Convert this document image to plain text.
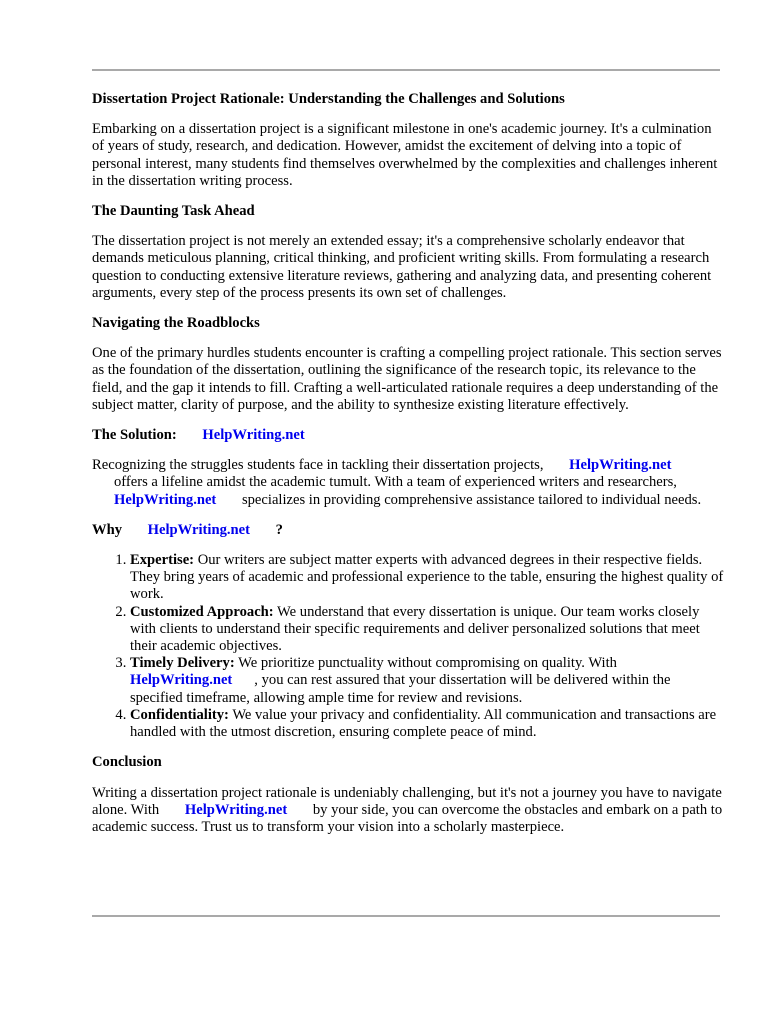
Dissertation Project Rationale: Understanding the Challenges and Solutions

Embarking on a dissertation project is a significant milestone in one's academic journey. It's a culmination of years of study, research, and dedication. However, amidst the excitement of delving into a topic of personal interest, many students find themselves overwhelmed by the complexities and challenges inherent in the dissertation writing process.

The Daunting Task Ahead

The dissertation project is not merely an extended essay; it's a comprehensive scholarly endeavor that demands meticulous planning, critical thinking, and proficient writing skills. From formulating a research question to conducting extensive literature reviews, gathering and analyzing data, and presenting coherent arguments, every step of the process presents its own set of challenges.

Navigating the Roadblocks

One of the primary hurdles students encounter is crafting a compelling project rationale. This section serves as the foundation of the dissertation, outlining the significance of the research topic, its relevance to the field, and the gap it intends to fill. Crafting a well-articulated rationale requires a deep understanding of the subject matter, clarity of purpose, and the ability to synthesize existing literature effectively.

The Solution: HelpWriting.net

Recognizing the struggles students face in tackling their dissertation projects, HelpWriting.net
offers a lifeline amidst the academic tumult. With a team of experienced writers and researchers,
HelpWriting.net specializes in providing comprehensive assistance tailored to individual needs.

Why HelpWriting.net ?
1. Expertise: Our writers are subject matter experts with advanced degrees in their respective fields. They bring years of academic and professional experience to the table, ensuring the highest quality of work.
2. Customized Approach: We understand that every dissertation is unique. Our team works closely with clients to understand their specific requirements and deliver personalized solutions that meet their academic objectives.
3. Timely Delivery: We prioritize punctuality without compromising on quality. With
HelpWriting.net , you can rest assured that your dissertation will be delivered within the specified timeframe, allowing ample time for review and revisions.
4. Confidentiality: We value your privacy and confidentiality. All communication and transactions are handled with the utmost discretion, ensuring complete peace of mind.
Conclusion

Writing a dissertation project rationale is undeniably challenging, but it's not a journey you have to navigate alone. With HelpWriting.net by your side, you can overcome the obstacles and embark on a path to academic success. Trust us to transform your vision into a scholarly masterpiece.
